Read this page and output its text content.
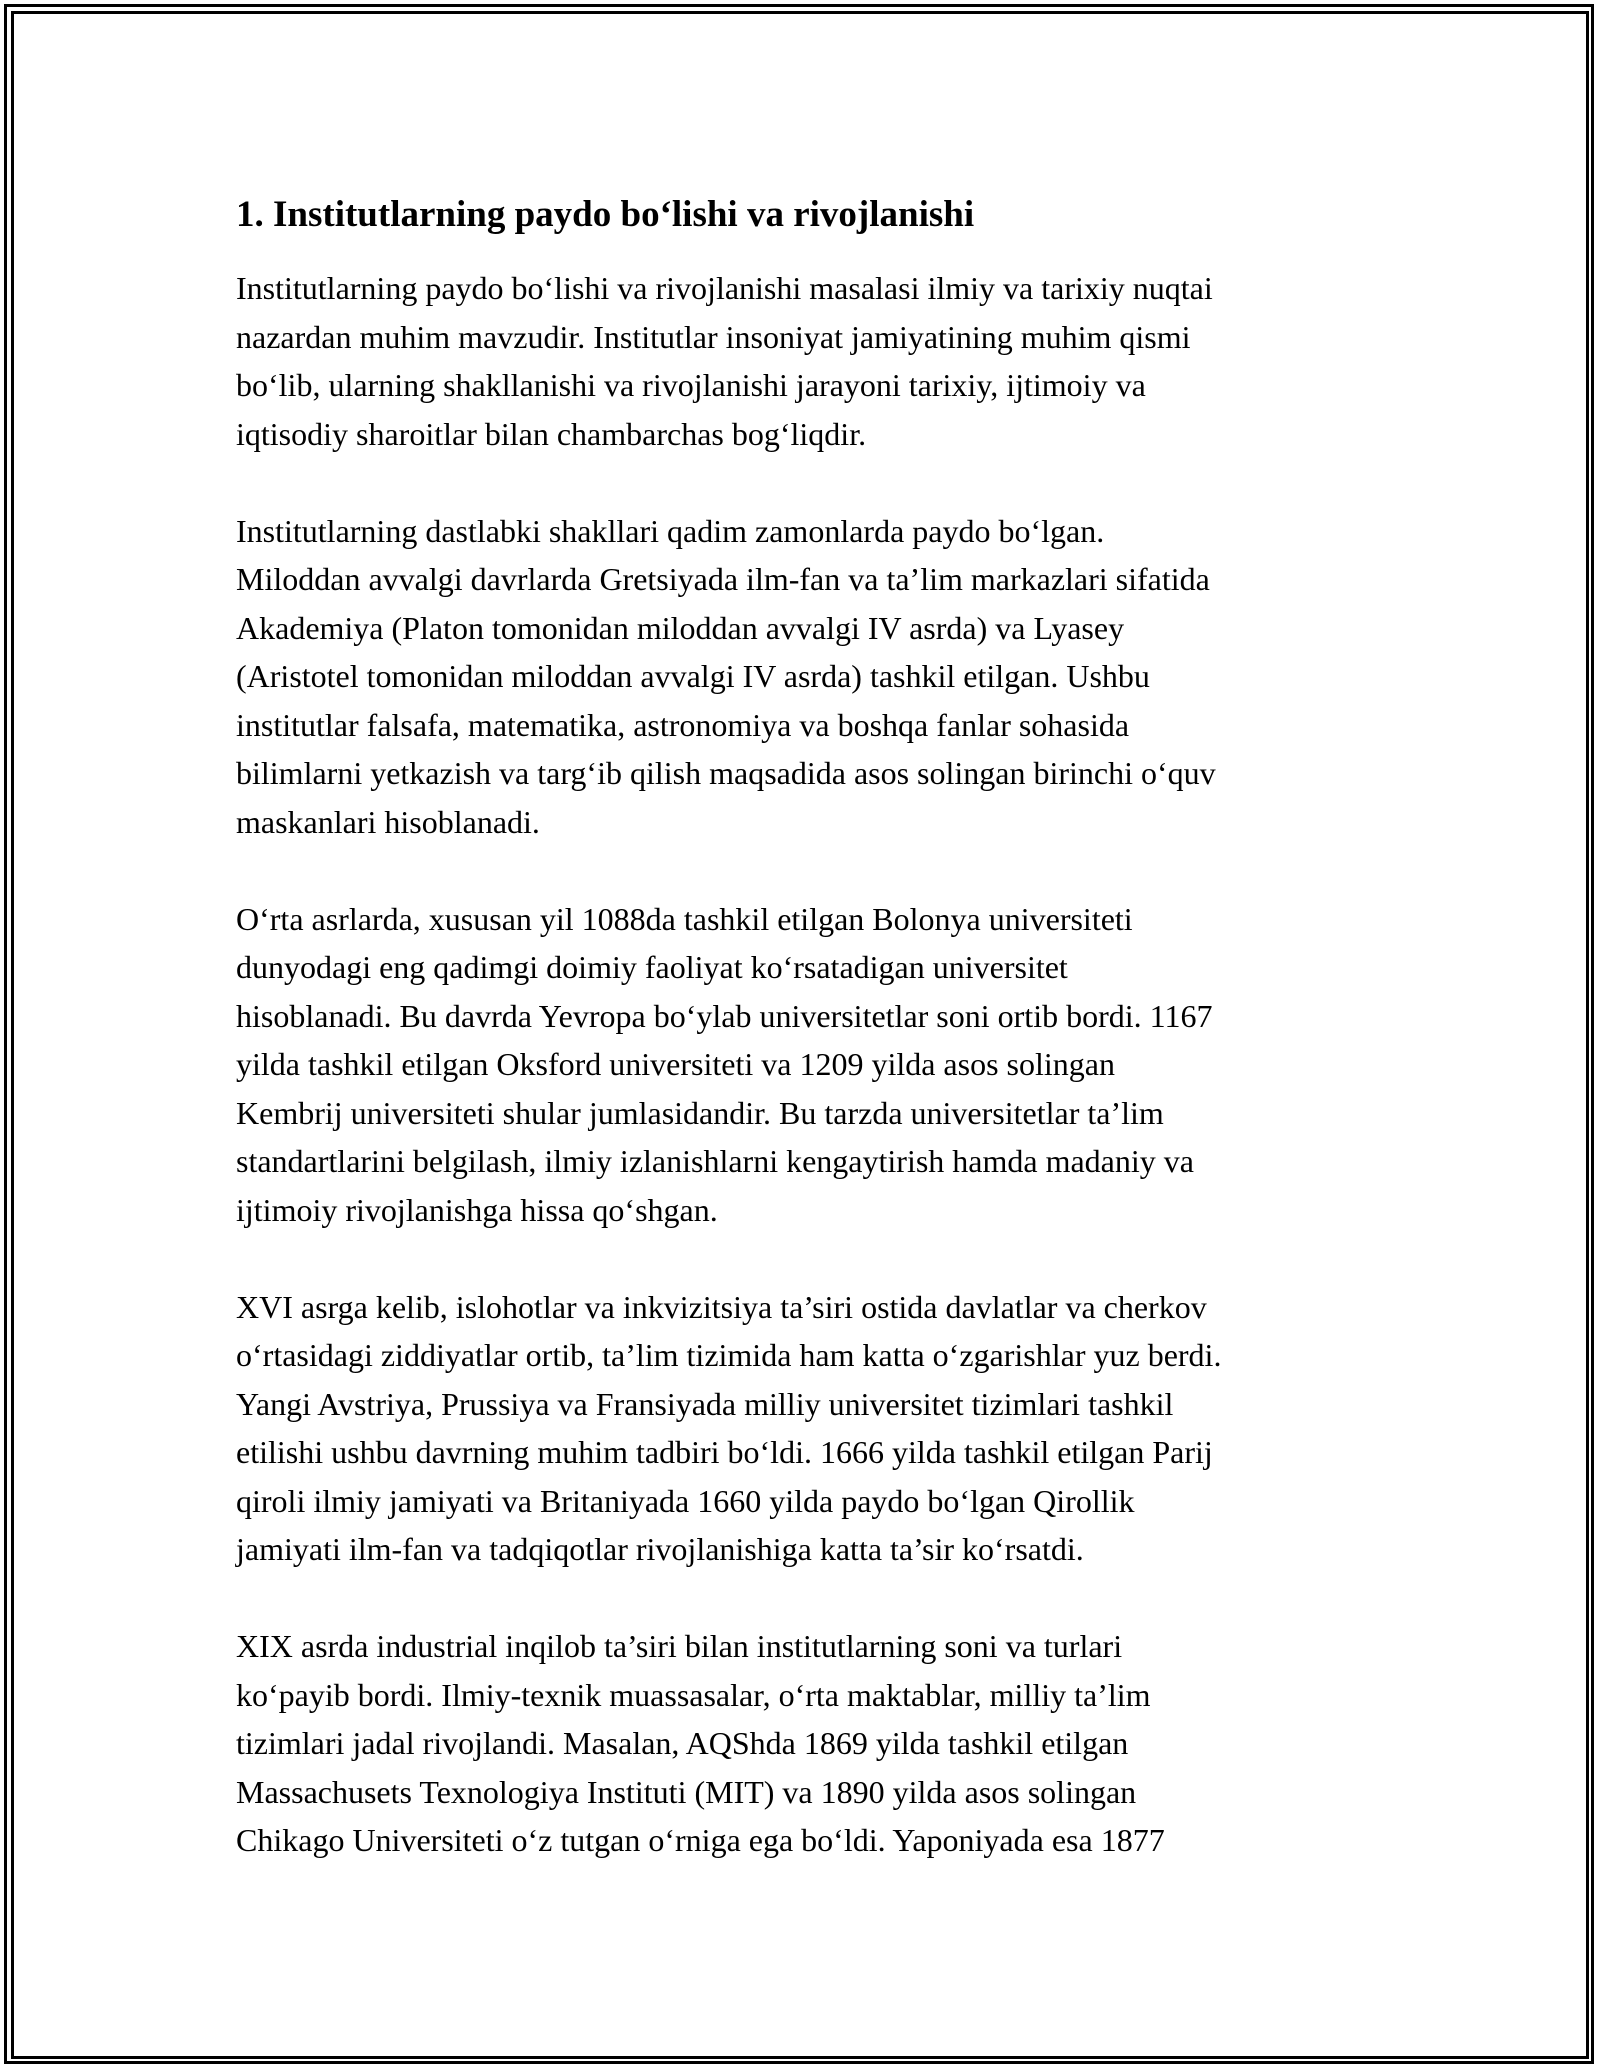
1. Institutlarning paydo bo‘lishi va rivojlanishi
Institutlarning paydo bo‘lishi va rivojlanishi masalasi ilmiy va tarixiy nuqtai
nazardan muhim mavzudir. Institutlar insoniyat jamiyatining muhim qismi
bo‘lib, ularning shakllanishi va rivojlanishi jarayoni tarixiy, ijtimoiy va
iqtisodiy sharoitlar bilan chambarchas bog‘liqdir.
Institutlarning dastlabki shakllari qadim zamonlarda paydo bo‘lgan.
Miloddan avvalgi davrlarda Gretsiyada ilm-fan va ta’lim markazlari sifatida
Akademiya (Platon tomonidan miloddan avvalgi IV asrda) va Lyasey
(Aristotel tomonidan miloddan avvalgi IV asrda) tashkil etilgan. Ushbu
institutlar falsafa, matematika, astronomiya va boshqa fanlar sohasida
bilimlarni yetkazish va targ‘ib qilish maqsadida asos solingan birinchi o‘quv
maskanlari hisoblanadi.
O‘rta asrlarda, xususan yil 1088da tashkil etilgan Bolonya universiteti
dunyodagi eng qadimgi doimiy faoliyat ko‘rsatadigan universitet
hisoblanadi. Bu davrda Yevropa bo‘ylab universitetlar soni ortib bordi. 1167
yilda tashkil etilgan Oksford universiteti va 1209 yilda asos solingan
Kembrij universiteti shular jumlasidandir. Bu tarzda universitetlar ta’lim
standartlarini belgilash, ilmiy izlanishlarni kengaytirish hamda madaniy va
ijtimoiy rivojlanishga hissa qo‘shgan.
XVI asrga kelib, islohotlar va inkvizitsiya ta’siri ostida davlatlar va cherkov
o‘rtasidagi ziddiyatlar ortib, ta’lim tizimida ham katta o‘zgarishlar yuz berdi.
Yangi Avstriya, Prussiya va Fransiyada milliy universitet tizimlari tashkil
etilishi ushbu davrning muhim tadbiri bo‘ldi. 1666 yilda tashkil etilgan Parij
qiroli ilmiy jamiyati va Britaniyada 1660 yilda paydo bo‘lgan Qirollik
jamiyati ilm-fan va tadqiqotlar rivojlanishiga katta ta’sir ko‘rsatdi.
XIX asrda industrial inqilob ta’siri bilan institutlarning soni va turlari
ko‘payib bordi. Ilmiy-texnik muassasalar, o‘rta maktablar, milliy ta’lim
tizimlari jadal rivojlandi. Masalan, AQShda 1869 yilda tashkil etilgan
Massachusets Texnologiya Instituti (MIT) va 1890 yilda asos solingan
Chikago Universiteti o‘z tutgan o‘rniga ega bo‘ldi. Yaponiyada esa 1877
